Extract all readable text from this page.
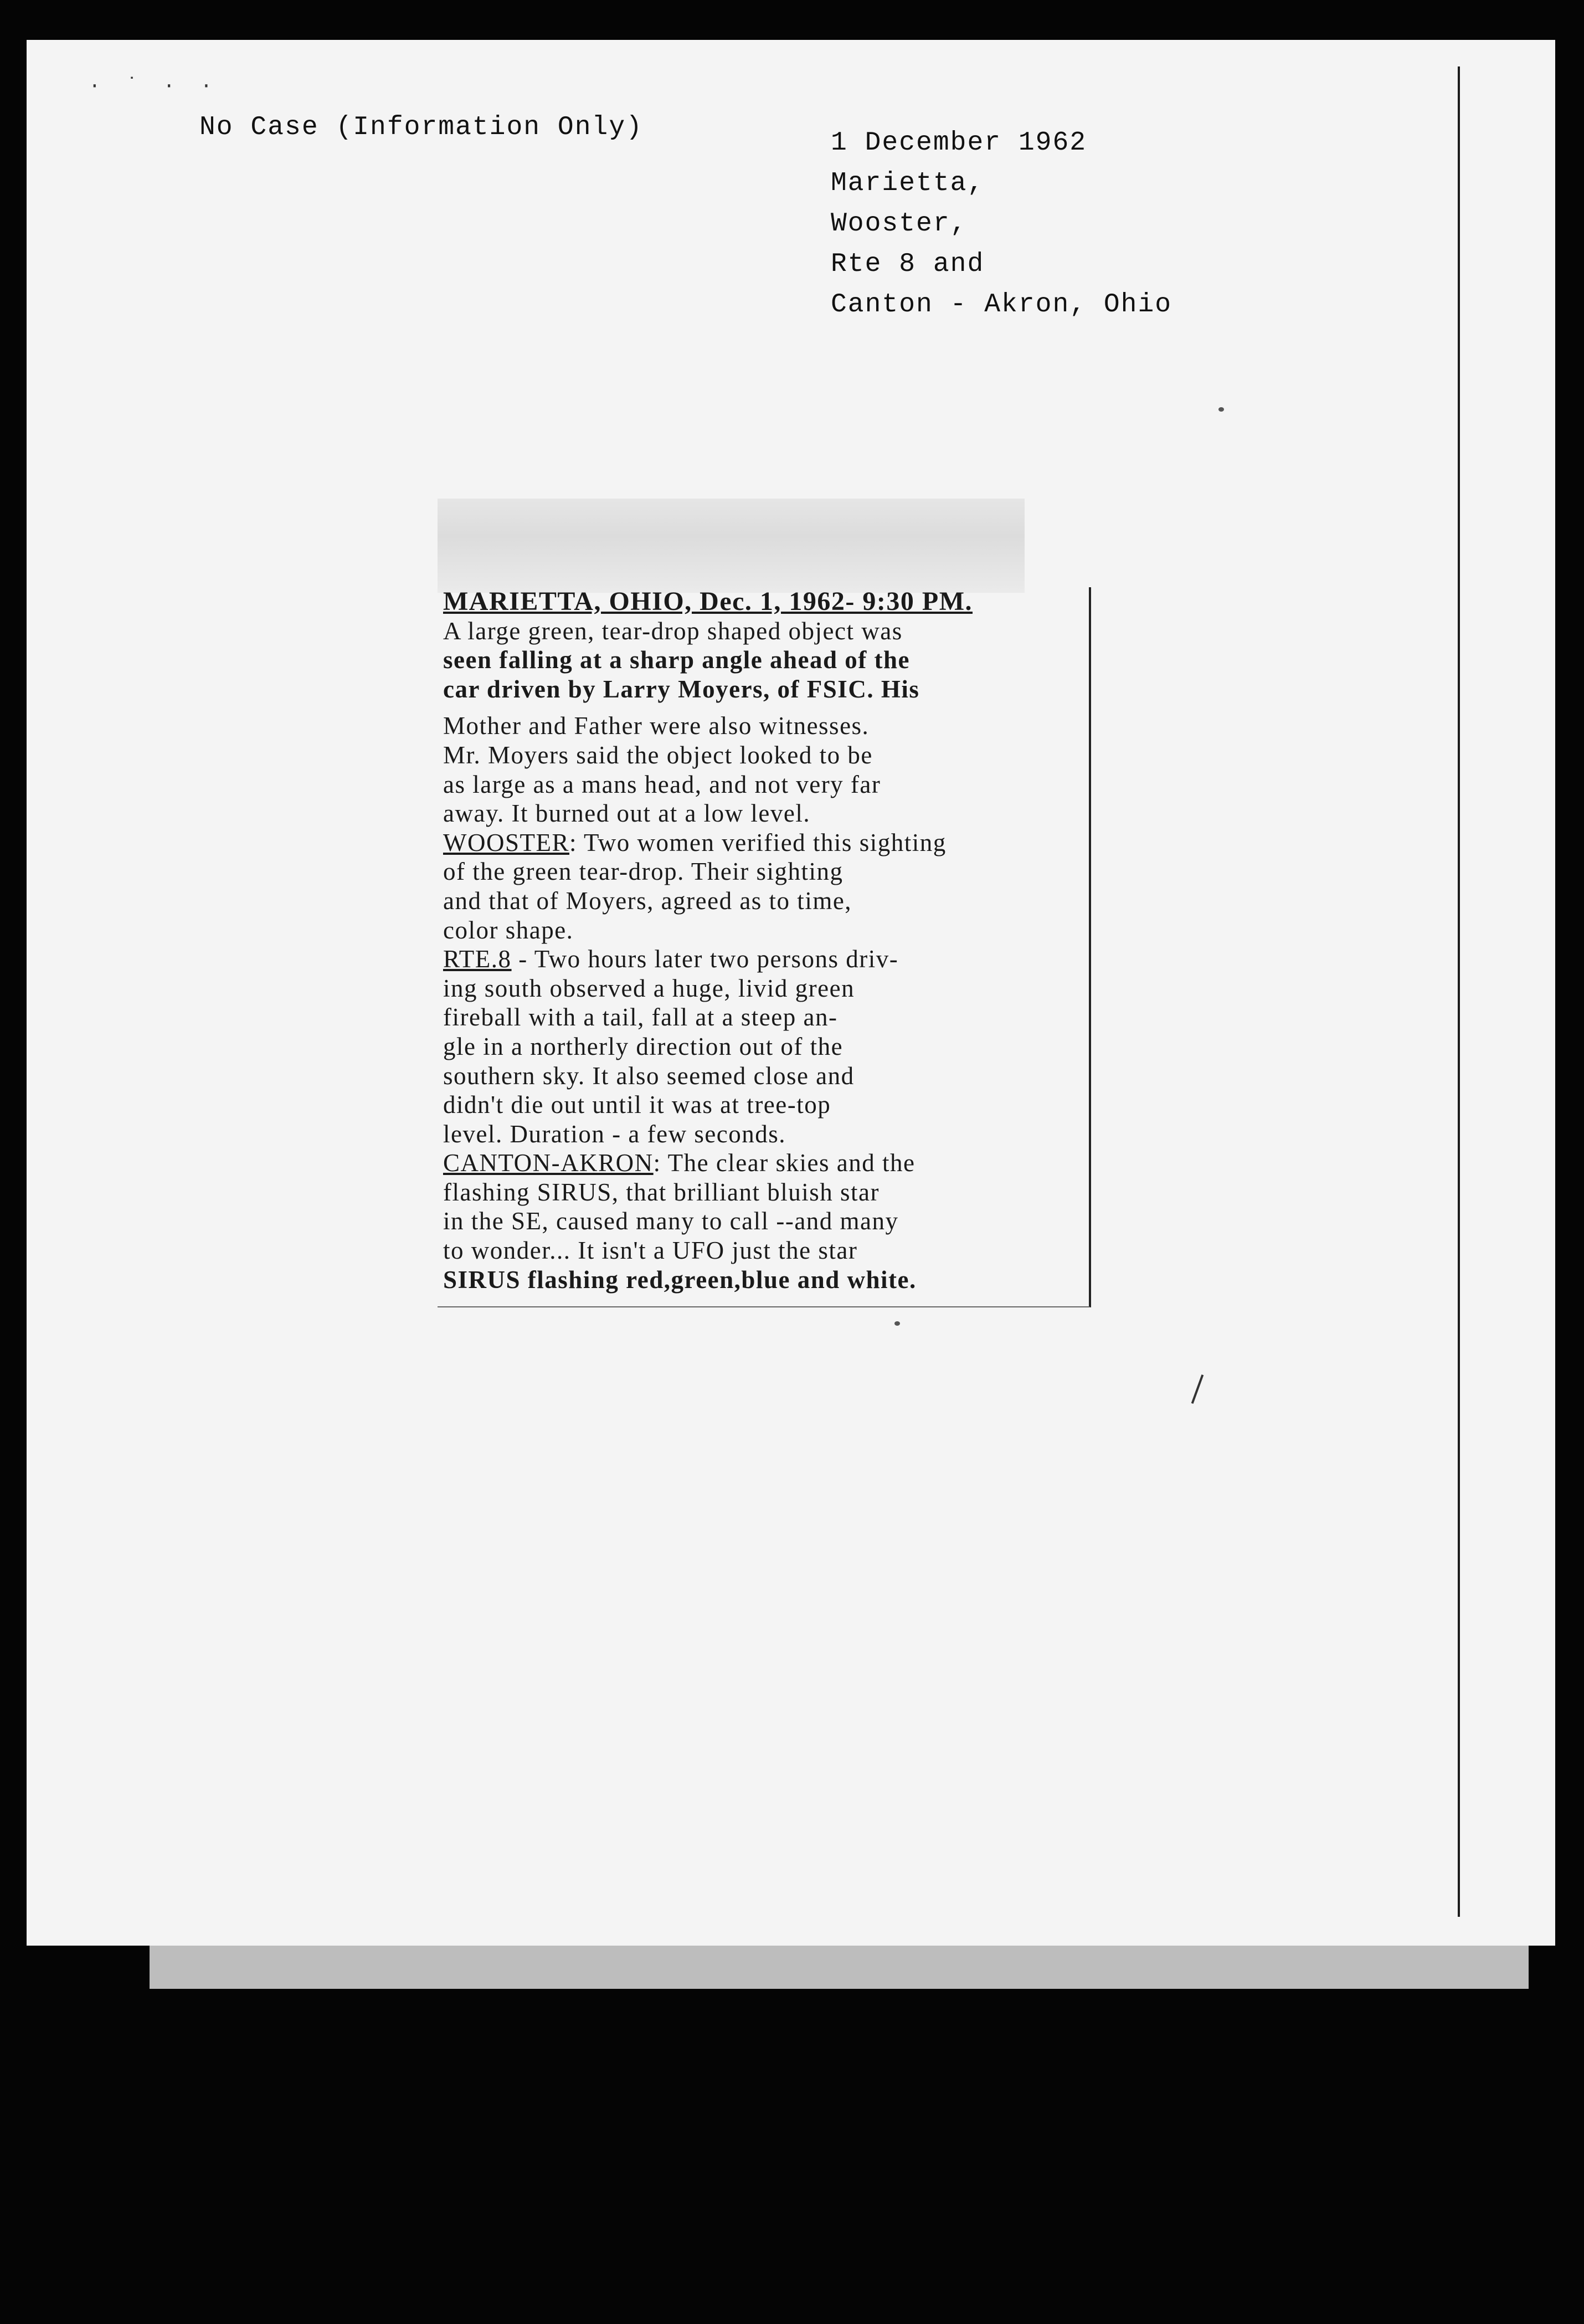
· ˙ · ·
No Case (Information Only)
1 December 1962
Marietta,
Wooster,
Rte 8 and
Canton - Akron, Ohio
MARIETTA, OHIO, Dec. 1, 1962- 9:30 PM.
A large green, tear-drop shaped object was
seen falling at a sharp angle ahead of the
car driven by Larry Moyers, of FSIC. His
Mother and Father were also witnesses.
Mr. Moyers said the object looked to be
as large as a mans head, and not very far
away. It burned out at a low level.
WOOSTER: Two women verified this sighting
of the green tear-drop. Their sighting
and that of Moyers, agreed as to time,
color shape.
RTE.8 - Two hours later two persons driv-
ing south observed a huge, livid green
fireball with a tail, fall at a steep an-
gle in a northerly direction out of the
southern sky. It also seemed close and
didn't die out until it was at tree-top
level. Duration - a few seconds.
CANTON-AKRON: The clear skies and the
flashing SIRUS, that brilliant bluish star
in the SE, caused many to call --and many
to wonder... It isn't a UFO just the star
SIRUS flashing red,green,blue and white.
